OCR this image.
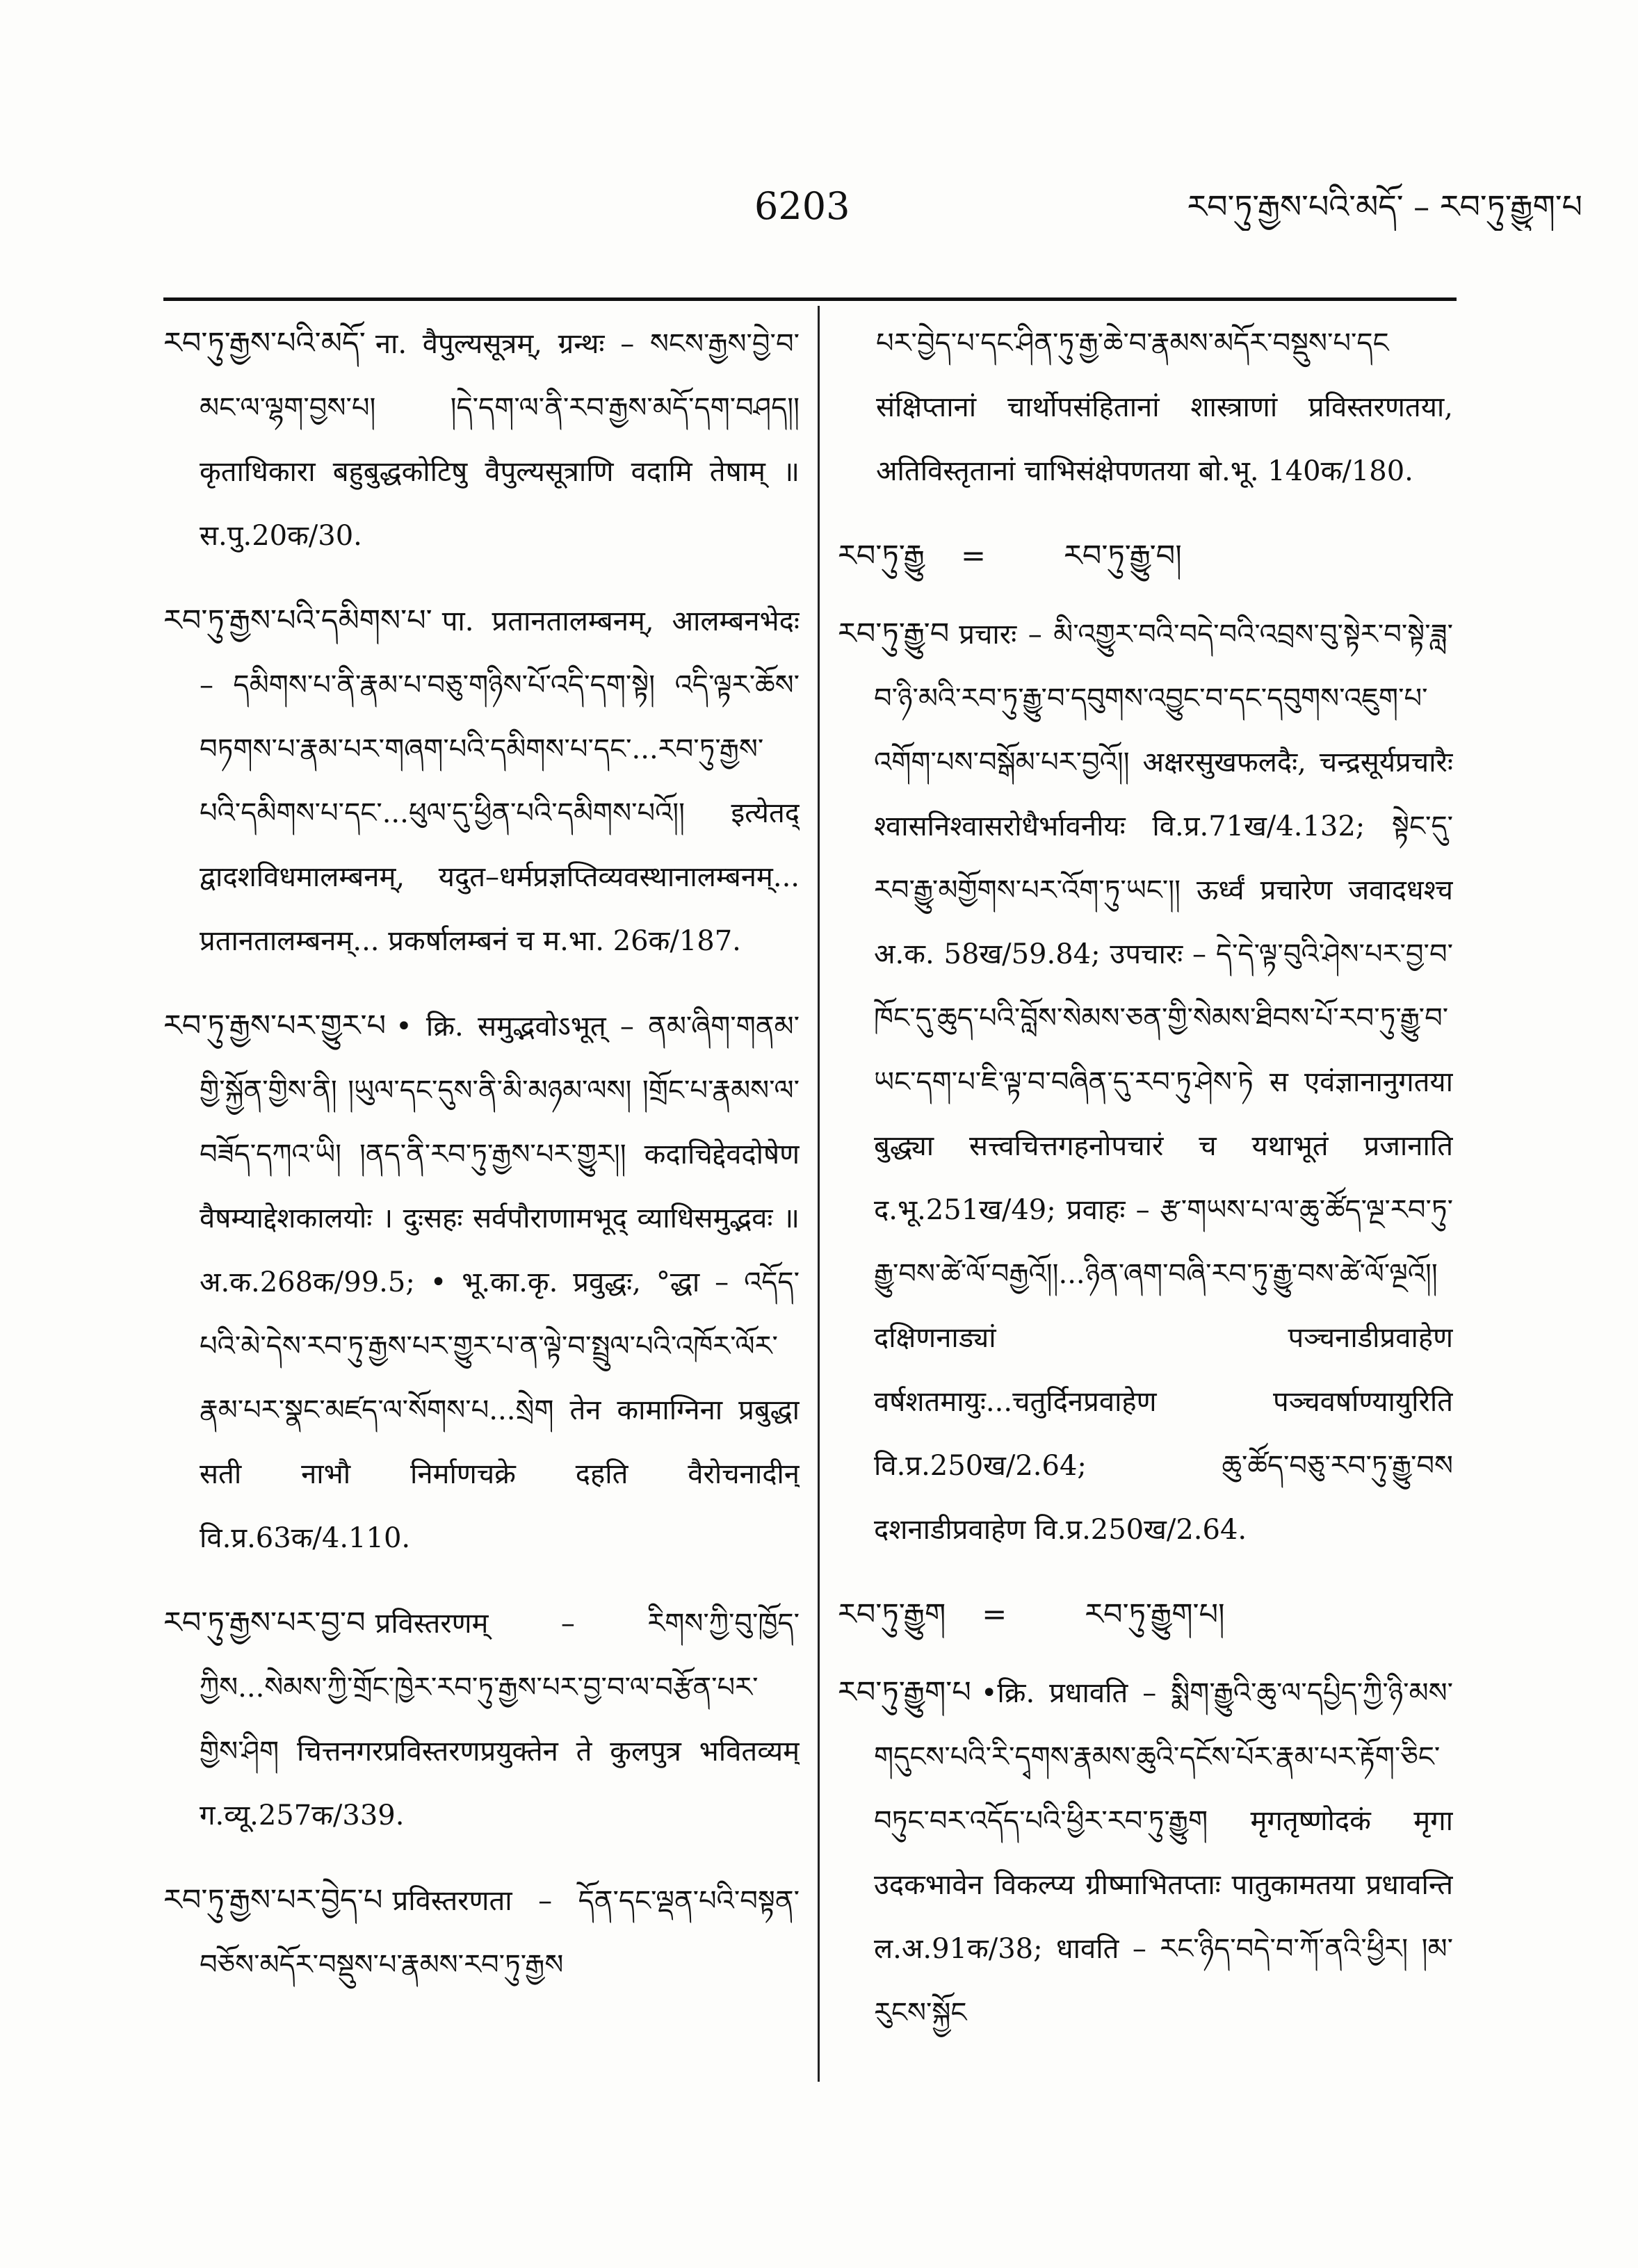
6203	རབ་ཏུ་རྒྱས་པའི་མདོ་ – རབ་ཏུ་རྒྱུག་པ

རབ་ཏུ་རྒྱས་པའི་མདོ་ ना. वैपुल्यसूत्रम्, ग्रन्थः – སངས་རྒྱས་བྱེ་བ་མང་ལ་ལྷག་བྱས་པ། །དེ་དག་ལ་ནི་རབ་རྒྱས་མདོ་དག་བཤད།། कृताधिकारा बहुबुद्धकोटिषु वैपुल्यसूत्राणि वदामि तेषाम् ॥ स.पु.20क/30.

རབ་ཏུ་རྒྱས་པའི་དམིགས་པ་ पा. प्रतानतालम्बनम्, आलम्बनभेदः – དམིགས་པ་ནི་རྣམ་པ་བཅུ་གཉིས་པོ་འདི་དག་སྟེ། འདི་ལྟར་ཆོས་བཏགས་པ་རྣམ་པར་གཞག་པའི་དམིགས་པ་དང་...རབ་ཏུ་རྒྱས་པའི་དམིགས་པ་དང་...ཕུལ་དུ་ཕྱིན་པའི་དམིགས་པའོ།། इत्येतद् द्वादशविधमालम्बनम्, यदुत–धर्मप्रज्ञप्तिव्यवस्थानालम्बनम्... प्रतानतालम्बनम्... प्रकर्षालम्बनं च म.भा. 26क/187.

རབ་ཏུ་རྒྱས་པར་གྱུར་པ • क्रि. समुद्भवोऽभूत् – ནམ་ཞིག་གནམ་གྱི་སྐྱོན་གྱིས་ནི། །ཡུལ་དང་དུས་ནི་མི་མཉམ་ལས། །གྲོང་པ་རྣམས་ལ་བཟོད་དཀའ་ཡི། །ནད་ནི་རབ་ཏུ་རྒྱས་པར་གྱུར།། कदाचिद्देवदोषेण वैषम्याद्देशकालयोः । दुःसहः सर्वपौराणामभूद् व्याधिसमुद्भवः ॥ अ.क.268क/99.5; • भू.का.कृ. प्रवुद्धः, °द्धा – འདོད་པའི་མེ་དེས་རབ་ཏུ་རྒྱས་པར་གྱུར་པ་ན་ལྟེ་བ་སྤྲུལ་པའི་འཁོར་ལོར་རྣམ་པར་སྣང་མཛད་ལ་སོགས་པ...སྲེག तेन कामाग्निना प्रबुद्धा सती नाभौ निर्माणचक्रे दहति वैरोचनादीन् वि.प्र.63क/4.110.

རབ་ཏུ་རྒྱས་པར་བྱ་བ प्रविस्तरणम् – རིགས་ཀྱི་བུ་ཁྱོད་ཀྱིས...སེམས་ཀྱི་གྲོང་ཁྱེར་རབ་ཏུ་རྒྱས་པར་བྱ་བ་ལ་བརྩོན་པར་གྱིས་ཤིག चित्तनगरप्रविस्तरणप्रयुक्तेन ते कुलपुत्र भवितव्यम् ग.व्यू.257क/339.

རབ་ཏུ་རྒྱས་པར་བྱེད་པ प्रविस्तरणता – དོན་དང་ལྡན་པའི་བསྟན་བཅོས་མདོར་བསྡུས་པ་རྣམས་རབ་ཏུ་རྒྱས

པར་བྱེད་པ་དང་ཤིན་ཏུ་རྒྱ་ཆེ་བ་རྣམས་མདོར་བསྡུས་པ་དང संक्षिप्तानां चार्थोपसंहितानां शास्त्राणां प्रविस्तरणतया, अतिविस्तृतानां चाभिसंक्षेपणतया बो.भू. 140क/180.

རབ་ཏུ་རྒྱུ	=	རབ་ཏུ་རྒྱུ་བ།

རབ་ཏུ་རྒྱུ་བ प्रचारः – མི་འགྱུར་བའི་བདེ་བའི་འབྲས་བུ་སྟེར་བ་སྟེ་ཟླ་བ་ཉི་མའི་རབ་ཏུ་རྒྱུ་བ་དབུགས་འབྱུང་བ་དང་དབུགས་འཇུག་པ་འགོག་པས་བསྒོམ་པར་བྱའོ།། अक्षरसुखफलदैः, चन्द्रसूर्यप्रचारैः श्वासनिश्वासरोधैर्भावनीयः वि.प्र.71ख/4.132; སྟེང་དུ་རབ་རྒྱུ་མགྱོགས་པར་འོག་ཏུ་ཡང་།། ऊर्ध्वं प्रचारेण जवादधश्च अ.क. 58ख/59.84; उपचारः – དེ་དེ་ལྟ་བུའི་ཤེས་པར་བྱ་བ་ཁོང་དུ་ཆུད་པའི་བློས་སེམས་ཅན་གྱི་སེམས་ཐིབས་པོ་རབ་ཏུ་རྒྱུ་བ་ཡང་དག་པ་ཇི་ལྟ་བ་བཞིན་དུ་རབ་ཏུ་ཤེས་ཏེ स एवंज्ञानानुगतया बुद्ध्या सत्त्वचित्तगहनोपचारं च यथाभूतं प्रजानाति द.भू.251ख/49; प्रवाहः – རྩ་གཡས་པ་ལ་ཆུ་ཚོད་ལྔ་རབ་ཏུ་རྒྱུ་བས་ཚེ་ལོ་བརྒྱའོ།།...ཉིན་ཞག་བཞི་རབ་ཏུ་རྒྱུ་བས་ཚེ་ལོ་ལྔའོ།། दक्षिणनाड्यां पञ्चनाडीप्रवाहेण वर्षशतमायुः...चतुर्दिनप्रवाहेण पञ्चवर्षाण्यायुरिति वि.प्र.250ख/2.64; ཆུ་ཚོད་བཅུ་རབ་ཏུ་རྒྱུ་བས दशनाडीप्रवाहेण वि.प्र.250ख/2.64.

རབ་ཏུ་རྒྱུག	=	རབ་ཏུ་རྒྱུག་པ།

རབ་ཏུ་རྒྱུག་པ •क्रि. प्रधावति – སྨིག་རྒྱུའི་ཆུ་ལ་དཔྱིད་ཀྱི་ཉི་མས་གདུངས་པའི་རི་དྭགས་རྣམས་ཆུའི་དངོས་པོར་རྣམ་པར་རྟོག་ཅིང་བཏུང་བར་འདོད་པའི་ཕྱིར་རབ་ཏུ་རྒྱུག मृगतृष्णोदकं मृगा उदकभावेन विकल्प्य ग्रीष्माभितप्ताः पातुकामतया प्रधावन्ति ल.अ.91क/38; धावति – རང་ཉིད་བདེ་བ་ཀོ་ནའི་ཕྱིར། །མ་རུངས་སྐྱོང
